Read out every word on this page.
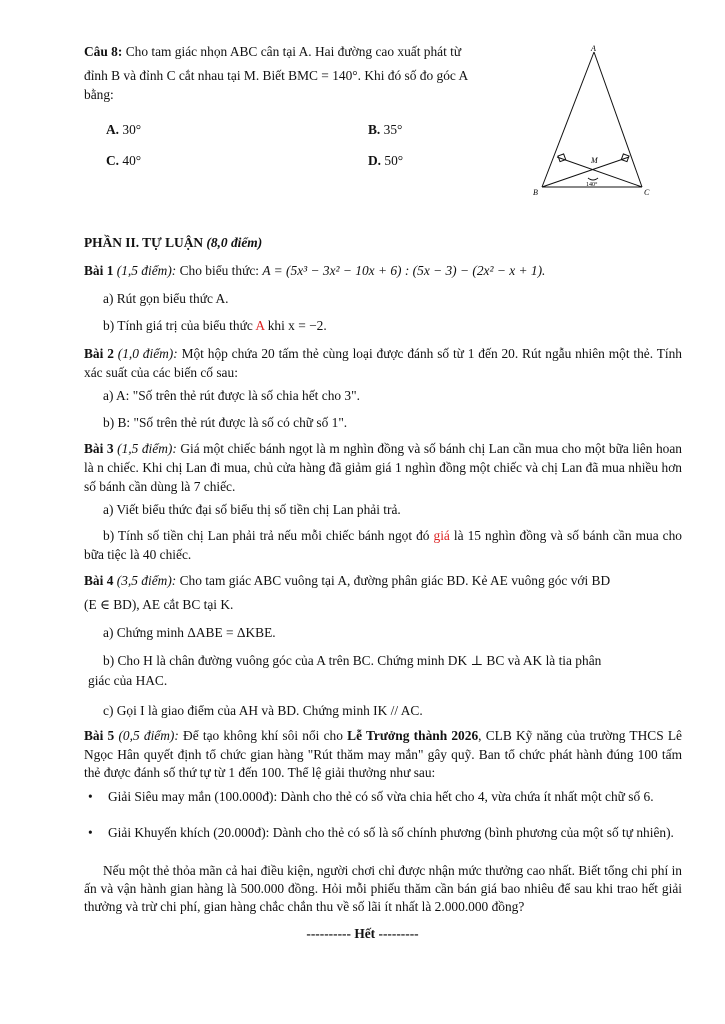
Câu 8: Cho tam giác nhọn ABC cân tại A. Hai đường cao xuất phát từ
đỉnh B và đỉnh C cắt nhau tại M. Biết BMC = 140°. Khi đó số đo góc A
bằng:
A. 30°	B. 35°
C. 40°	D. 50°
A
B	C
M
140°
PHẦN II. TỰ LUẬN (8,0 điểm)
Bài 1 (1,5 điểm): Cho biểu thức: A = (5x³ − 3x² − 10x + 6) : (5x − 3) − (2x² − x + 1).
a) Rút gọn biểu thức A.
b) Tính giá trị của biểu thức A khi x = −2.
Bài 2 (1,0 điểm): Một hộp chứa 20 tấm thẻ cùng loại được đánh số từ 1 đến 20. Rút ngẫu nhiên một thẻ. Tính xác suất của các biến cố sau:
a) A: "Số trên thẻ rút được là số chia hết cho 3".
b) B: "Số trên thẻ rút được là số có chữ số 1".
Bài 3 (1,5 điểm): Giá một chiếc bánh ngọt là m nghìn đồng và số bánh chị Lan cần mua cho một bữa liên hoan là n chiếc. Khi chị Lan đi mua, chủ cửa hàng đã giảm giá 1 nghìn đồng một chiếc và chị Lan đã mua nhiều hơn số bánh cần dùng là 7 chiếc.
a) Viết biểu thức đại số biểu thị số tiền chị Lan phải trả.
b) Tính số tiền chị Lan phải trả nếu mỗi chiếc bánh ngọt đó giá là 15 nghìn đồng và số bánh cần mua cho bữa tiệc là 40 chiếc.
Bài 4 (3,5 điểm): Cho tam giác ABC vuông tại A, đường phân giác BD. Kẻ AE vuông góc với BD
(E ∈ BD), AE cắt BC tại K.
a) Chứng minh ΔABE = ΔKBE.
b) Cho H là chân đường vuông góc của A trên BC. Chứng minh DK ⊥ BC và AK là tia phân
giác của HAC.
c) Gọi I là giao điểm của AH và BD. Chứng minh IK // AC.
Bài 5 (0,5 điểm): Để tạo không khí sôi nổi cho Lễ Trưởng thành 2026, CLB Kỹ năng của trường THCS Lê Ngọc Hân quyết định tổ chức gian hàng "Rút thăm may mắn" gây quỹ. Ban tổ chức phát hành đúng 100 tấm thẻ được đánh số thứ tự từ 1 đến 100. Thể lệ giải thưởng như sau:
• Giải Siêu may mắn (100.000đ): Dành cho thẻ có số vừa chia hết cho 4, vừa chứa ít nhất một chữ số 6.
• Giải Khuyến khích (20.000đ): Dành cho thẻ có số là số chính phương (bình phương của một số tự nhiên).
Nếu một thẻ thỏa mãn cả hai điều kiện, người chơi chỉ được nhận mức thưởng cao nhất. Biết tổng chi phí in ấn và vận hành gian hàng là 500.000 đồng. Hỏi mỗi phiếu thăm cần bán giá bao nhiêu để sau khi trao hết giải thưởng và trừ chi phí, gian hàng chắc chắn thu về số lãi ít nhất là 2.000.000 đồng?
---------- Hết ---------
